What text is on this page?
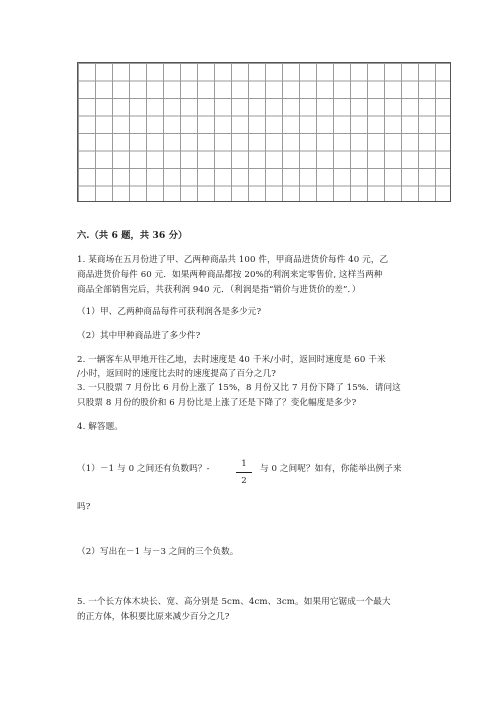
六.（共 6 题，共 36 分）
1. 某商场在五月份进了甲、乙两种商品共 100 件，甲商品进货价每件 40 元，乙
商品进货价每件 60 元．如果两种商品都按 20%的利润来定零售价, 这样当两种
商品全部销售完后，共获利润 940 元．（利润是指“销价与进货价的差”．）
（1）甲、乙两种商品每件可获利润各是多少元?
（2）其中甲种商品进了多少件?
2. 一辆客车从甲地开往乙地，去时速度是 40 千米/小时，返回时速度是 60 千米
/小时，返回时的速度比去时的速度提高了百分之几?
3. 一只股票 7 月份比 6 月份上涨了 15%，8 月份又比 7 月份下降了 15%．请问这
只股票 8 月份的股价和 6 月份比是上涨了还是下降了？变化幅度是多少?
4. 解答题。
（1）－1 与 0 之间还有负数吗？-	$\frac{1}{2}$ 与 0 之间呢？如有，你能举出例子来
吗?
（2）写出在－1 与－3 之间的三个负数。
5. 一个长方体木块长、宽、高分别是 5cm、4cm、3cm。如果用它锯成一个最大
的正方体，体积要比原来减少百分之几?
